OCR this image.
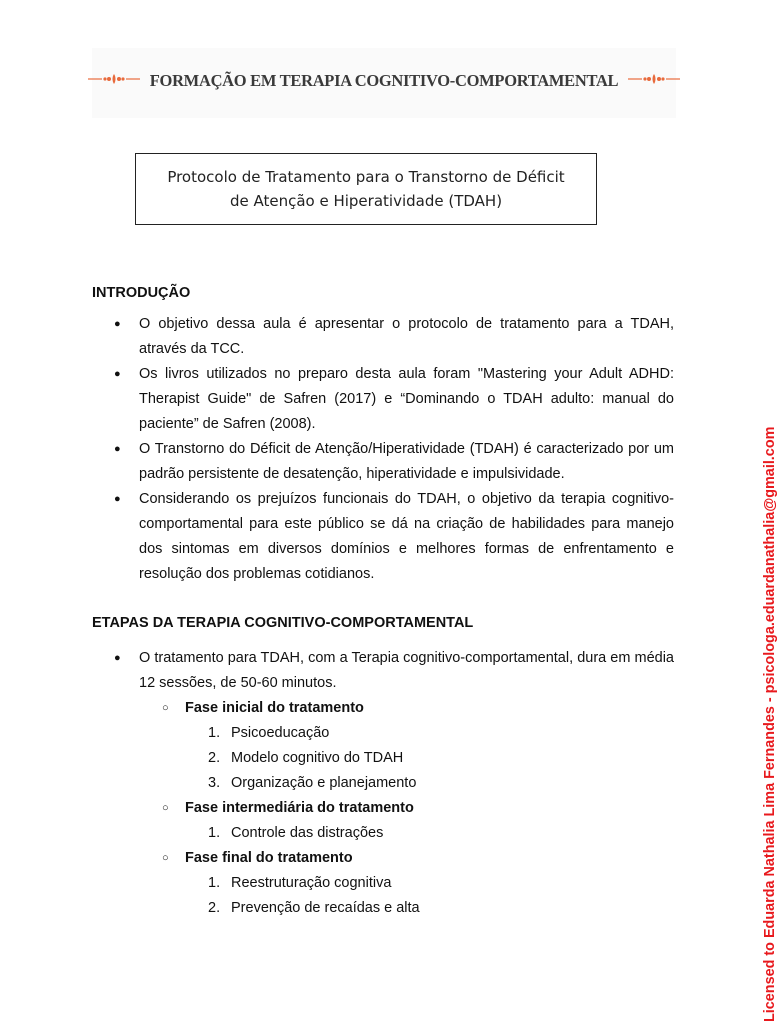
FORMAÇÃO EM TERAPIA COGNITIVO-COMPORTAMENTAL
Protocolo de Tratamento para o Transtorno de Déficit
de Atenção e Hiperatividade (TDAH)

INTRODUÇÃO

● O objetivo dessa aula é apresentar o protocolo de tratamento para a TDAH, através da TCC.
● Os livros utilizados no preparo desta aula foram "Mastering your Adult ADHD: Therapist Guide" de Safren (2017) e “Dominando o TDAH adulto: manual do paciente” de Safren (2008).
● O Transtorno do Déficit de Atenção/Hiperatividade (TDAH) é caracterizado por um padrão persistente de desatenção, hiperatividade e impulsividade.
● Considerando os prejuízos funcionais do TDAH, o objetivo da terapia cognitivo-comportamental para este público se dá na criação de habilidades para manejo dos sintomas em diversos domínios e melhores formas de enfrentamento e resolução dos problemas cotidianos.

ETAPAS DA TERAPIA COGNITIVO-COMPORTAMENTAL

● O tratamento para TDAH, com a Terapia cognitivo-comportamental, dura em média 12 sessões, de 50-60 minutos.
○ Fase inicial do tratamento
1. Psicoeducação
2. Modelo cognitivo do TDAH
3. Organização e planejamento
○ Fase intermediária do tratamento
1. Controle das distrações
○ Fase final do tratamento
1. Reestruturação cognitiva
2. Prevenção de recaídas e alta	Licensed to Eduarda Nathalia Lima Fernandes - psicologa.eduardanathalia@gmail.com
